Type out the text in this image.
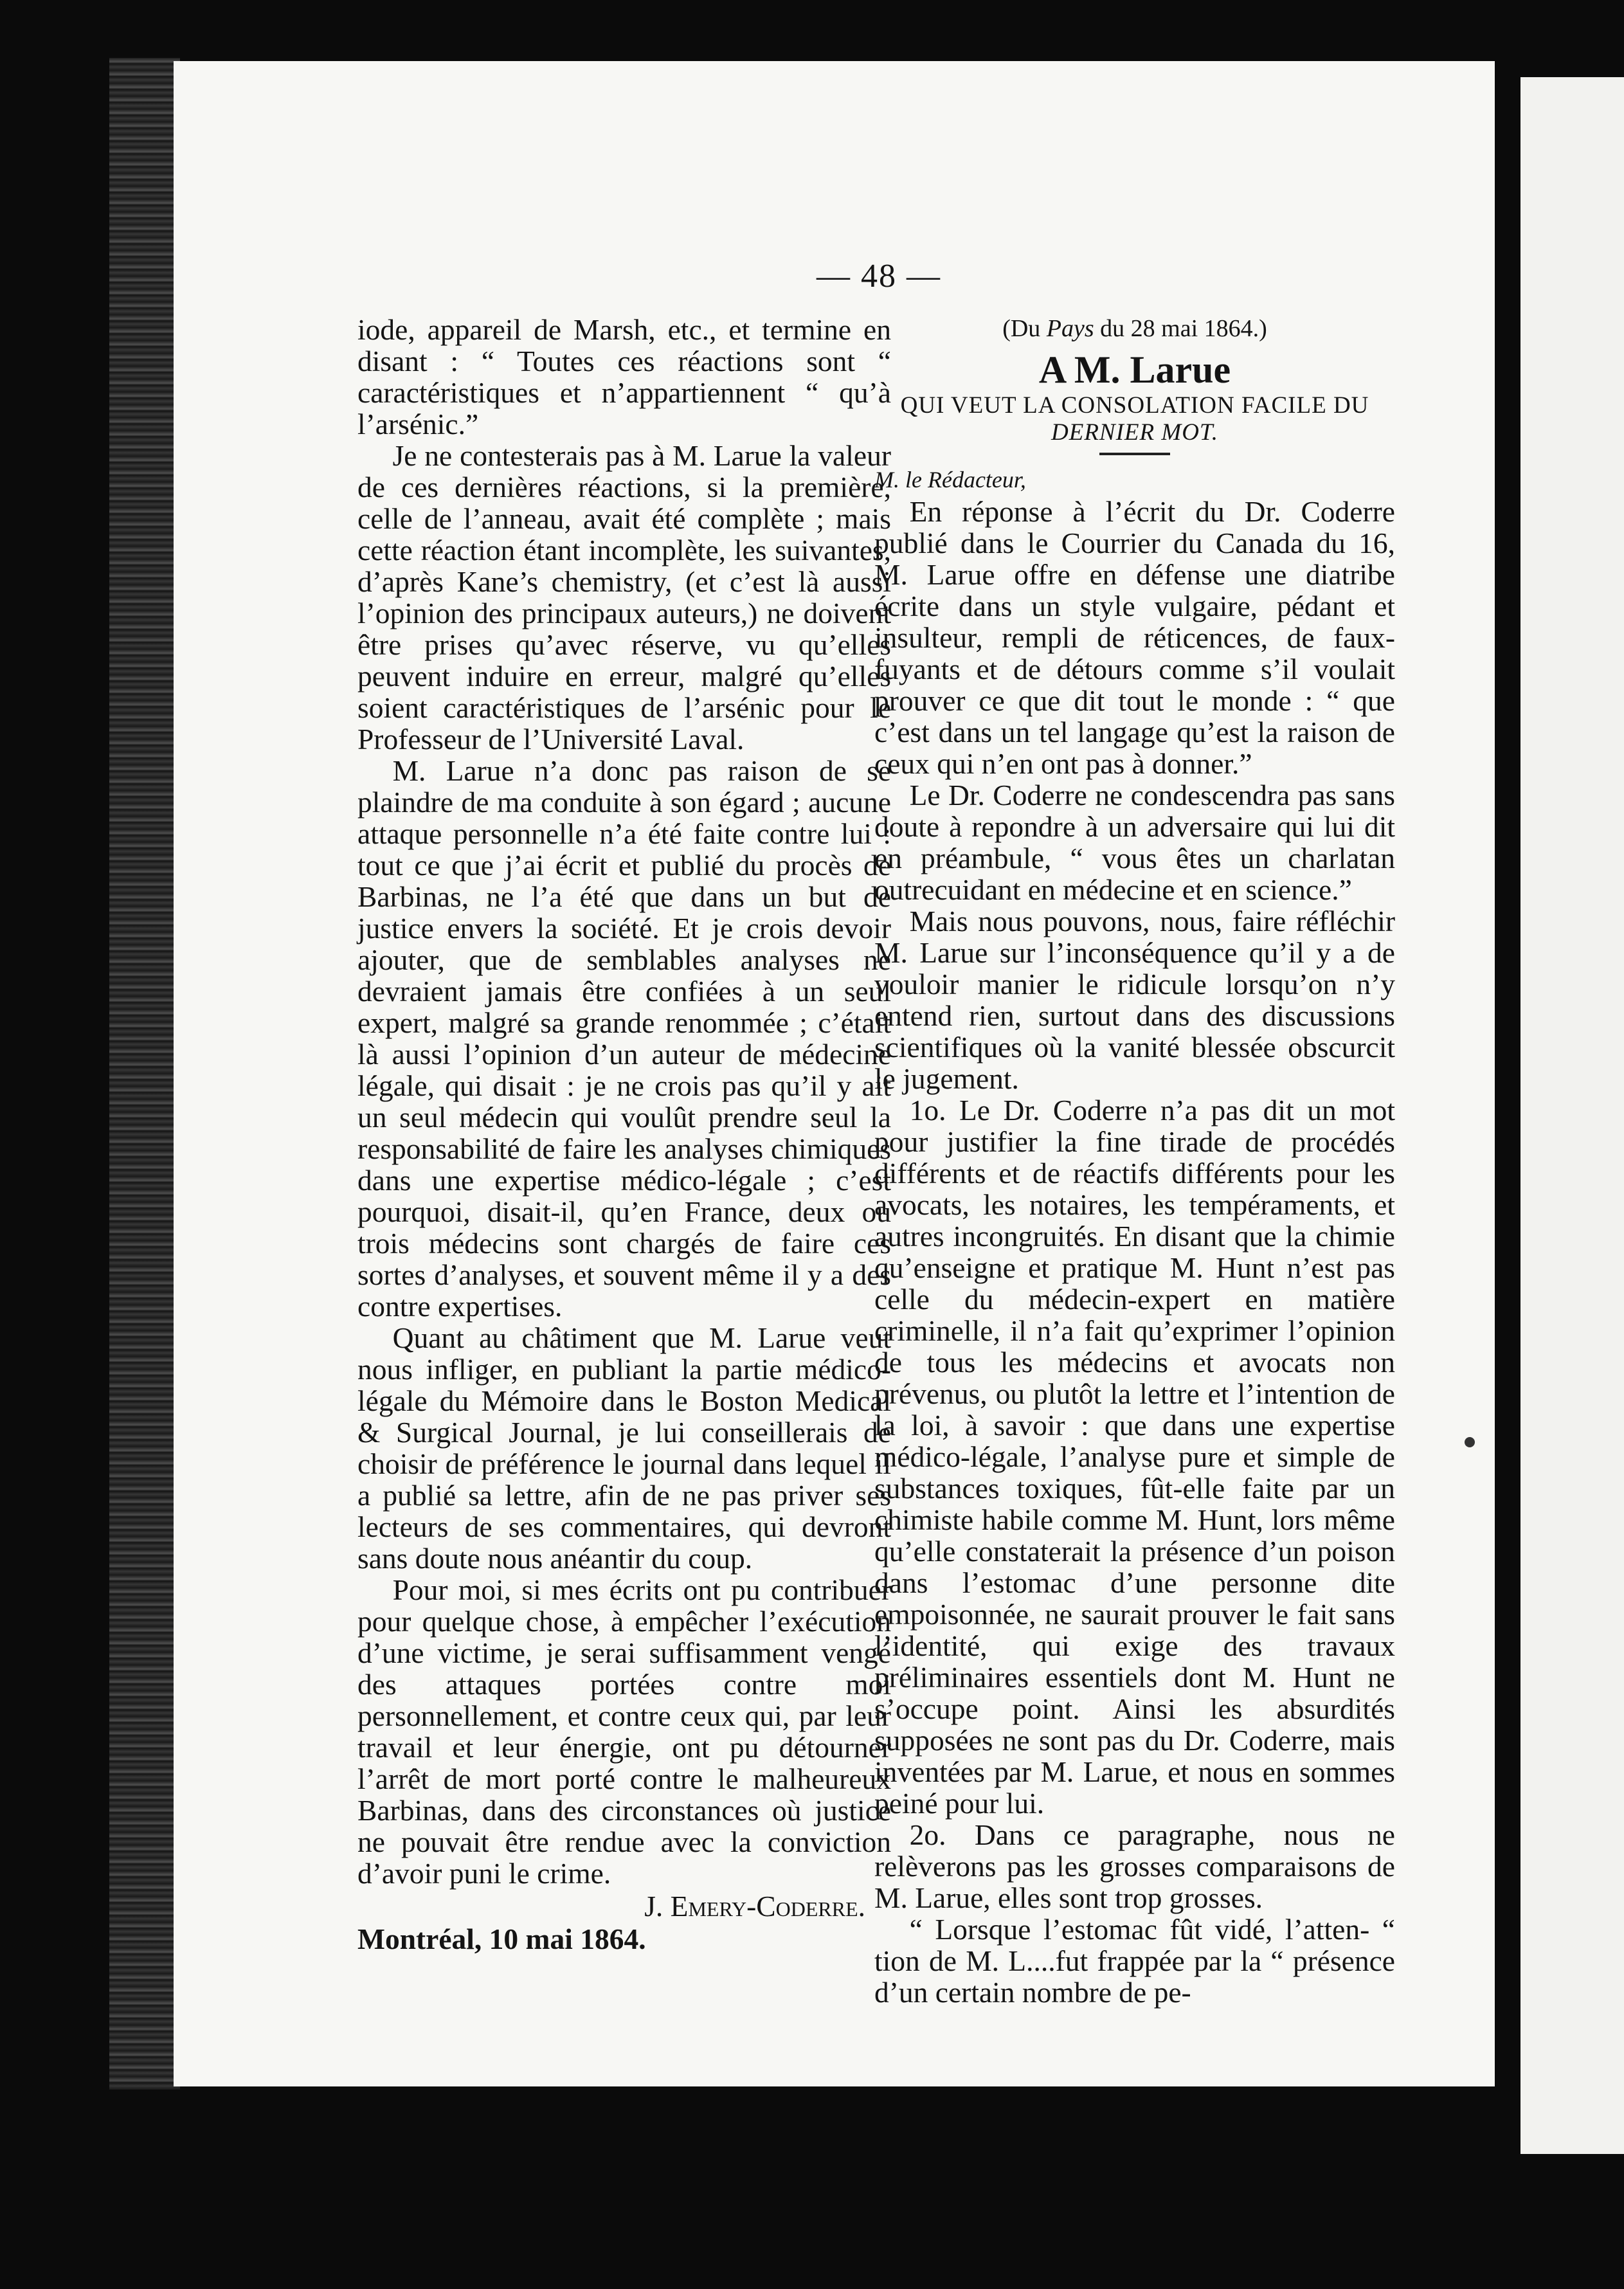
— 48 —

iode, appareil de Marsh, etc., et termine en disant : “ Toutes ces réactions sont “ caractéristiques et n’appartiennent “ qu’à l’arsénic.”

Je ne contesterais pas à M. Larue la valeur de ces dernières réactions, si la première, celle de l’anneau, avait été complète ; mais cette réaction étant incomplète, les suivantes, d’après Kane’s chemistry, (et c’est là aussi l’opinion des principaux auteurs,) ne doivent être prises qu’avec réserve, vu qu’elles peuvent induire en erreur, malgré qu’elles soient caractéristiques de l’arsénic pour le Professeur de l’Université Laval.

M. Larue n’a donc pas raison de se plaindre de ma conduite à son égard ; aucune attaque personnelle n’a été faite contre lui : tout ce que j’ai écrit et publié du procès de Barbinas, ne l’a été que dans un but de justice envers la société. Et je crois devoir ajouter, que de semblables analyses ne devraient jamais être confiées à un seul expert, malgré sa grande renommée ; c’était là aussi l’opinion d’un auteur de médecine légale, qui disait : je ne crois pas qu’il y ait un seul médecin qui voulût prendre seul la responsabilité de faire les analyses chimiques dans une expertise médico-légale ; c’est pourquoi, disait-il, qu’en France, deux ou trois médecins sont chargés de faire ces sortes d’analyses, et souvent même il y a des contre expertises.

Quant au châtiment que M. Larue veut nous infliger, en publiant la partie médico-légale du Mémoire dans le Boston Medical & Surgical Journal, je lui conseillerais de choisir de préférence le journal dans lequel il a publié sa lettre, afin de ne pas priver ses lecteurs de ses commentaires, qui devront sans doute nous anéantir du coup.

Pour moi, si mes écrits ont pu contribuer pour quelque chose, à empêcher l’exécution d’une victime, je serai suffisamment vengé des attaques portées contre moi personnellement, et contre ceux qui, par leur travail et leur énergie, ont pu détourner l’arrêt de mort porté contre le malheureux Barbinas, dans des circonstances où justice ne pouvait être rendue avec la conviction d’avoir puni le crime.

J. Emery-Coderre.

Montréal, 10 mai 1864.

(Du Pays du 28 mai 1864.)
A M. Larue
QUI VEUT LA CONSOLATION FACILE DU
DERNIER MOT.

M. le Rédacteur,

En réponse à l’écrit du Dr. Coderre publié dans le Courrier du Canada du 16, M. Larue offre en défense une diatribe écrite dans un style vulgaire, pédant et insulteur, rempli de réticences, de faux-fuyants et de détours comme s’il voulait prouver ce que dit tout le monde : “ que c’est dans un tel langage qu’est la raison de ceux qui n’en ont pas à donner.”

Le Dr. Coderre ne condescendra pas sans doute à repondre à un adversaire qui lui dit en préambule, “ vous êtes un charlatan outrecuidant en médecine et en science.”

Mais nous pouvons, nous, faire réfléchir M. Larue sur l’inconséquence qu’il y a de vouloir manier le ridicule lorsqu’on n’y entend rien, surtout dans des discussions scientifiques où la vanité blessée obscurcit le jugement.

1o. Le Dr. Coderre n’a pas dit un mot pour justifier la fine tirade de procédés différents et de réactifs différents pour les avocats, les notaires, les tempéraments, et autres incongruités. En disant que la chimie qu’enseigne et pratique M. Hunt n’est pas celle du médecin-expert en matière criminelle, il n’a fait qu’exprimer l’opinion de tous les médecins et avocats non prévenus, ou plutôt la lettre et l’intention de la loi, à savoir : que dans une expertise médico-légale, l’analyse pure et simple de substances toxiques, fût-elle faite par un chimiste habile comme M. Hunt, lors même qu’elle constaterait la présence d’un poison dans l’estomac d’une personne dite empoisonnée, ne saurait prouver le fait sans l’identité, qui exige des travaux préliminaires essentiels dont M. Hunt ne s’occupe point. Ainsi les absurdités supposées ne sont pas du Dr. Coderre, mais inventées par M. Larue, et nous en sommes peiné pour lui.

2o. Dans ce paragraphe, nous ne relèverons pas les grosses comparaisons de M. Larue, elles sont trop grosses.

“ Lorsque l’estomac fût vidé, l’atten- “ tion de M. L....fut frappée par la “ présence d’un certain nombre de pe-
